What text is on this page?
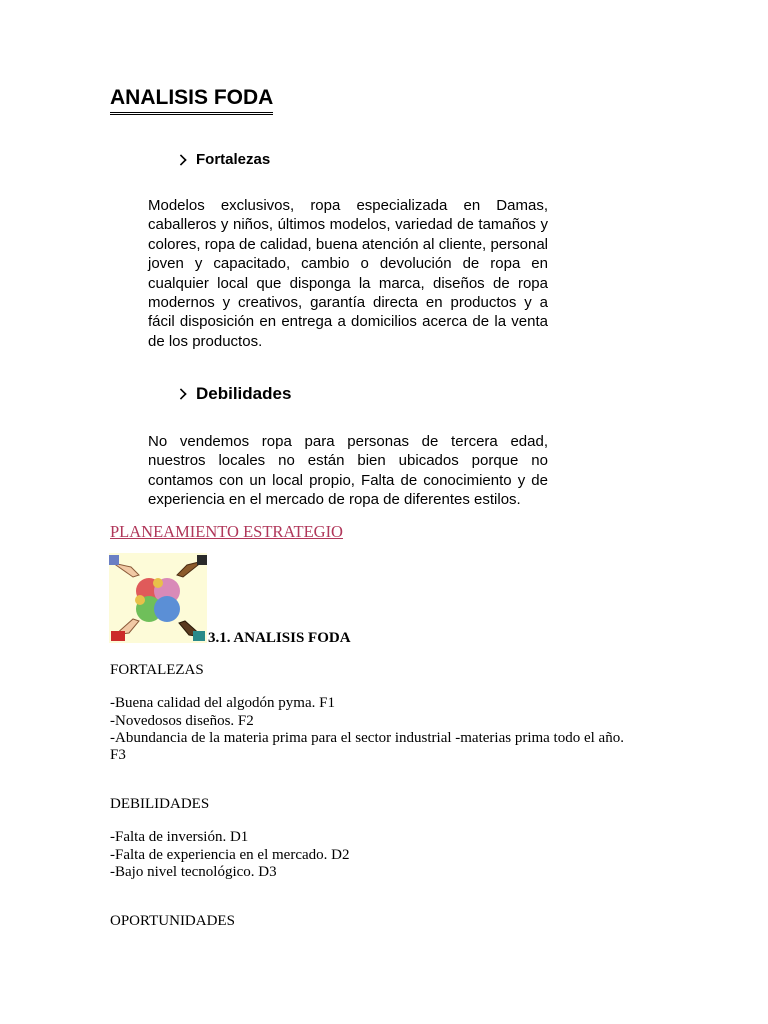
ANALISIS FODA
Fortalezas

Modelos exclusivos, ropa especializada en Damas, caballeros y niños, últimos modelos, variedad de tamaños y colores, ropa de calidad, buena atención al cliente, personal joven y capacitado, cambio o devolución de ropa en cualquier local que disponga la marca, diseños de ropa modernos y creativos, garantía directa en productos y a fácil disposición en entrega a domicilios acerca de la venta de los productos.

Debilidades

No vendemos ropa para personas de tercera edad, nuestros locales no están bien ubicados porque no contamos con un local propio, Falta de conocimiento y de experiencia en el mercado de ropa de diferentes estilos.

PLANEAMIENTO ESTRATEGIO

3.1. ANALISIS FODA

FORTALEZAS

-Buena calidad del algodón pyma. F1

-Novedosos diseños. F2

-Abundancia de la materia prima para el sector industrial -materias prima todo el año.

F3

DEBILIDADES

-Falta de inversión. D1

-Falta de experiencia en el mercado. D2

-Bajo nivel tecnológico. D3

OPORTUNIDADES
